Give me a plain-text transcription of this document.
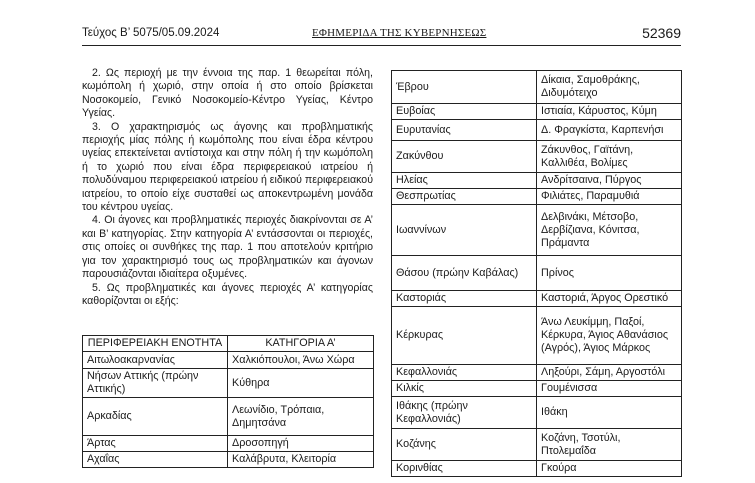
Τεύχος Β’ 5075/05.09.2024	ΕΦΗΜΕΡΙΔΑ ΤΗΣ ΚΥΒΕΡΝΗΣΕΩΣ	52369

2. Ως περιοχή με την έννοια της παρ. 1 θεωρείται πόλη, κωμόπολη ή χωριό, στην οποία ή στο οποίο βρίσκεται Νοσοκομείο, Γενικό Νοσοκομείο-Κέντρο Υγείας, Κέντρο Υγείας.

3. Ο χαρακτηρισμός ως άγονης και προβληματικής περιοχής μίας πόλης ή κωμόπολης που είναι έδρα κέντρου υγείας επεκτείνεται αντίστοιχα και στην πόλη ή την κωμόπολη ή το χωριό που είναι έδρα περιφερειακού ιατρείου ή πολυδύναμου περιφερειακού ιατρείου ή ειδικού περιφερειακού ιατρείου, το οποίο είχε συσταθεί ως αποκεντρωμένη μονάδα του κέντρου υγείας.

4. Οι άγονες και προβληματικές περιοχές διακρίνονται σε Α’ και Β’ κατηγορίας. Στην κατηγορία Α’ εντάσσονται οι περιοχές, στις οποίες οι συνθήκες της παρ. 1 που αποτελούν κριτήριο για τον χαρακτηρισμό τους ως προβληματικών και άγονων παρουσιάζονται ιδιαίτερα οξυμένες.

5. Ως προβληματικές και άγονες περιοχές Α’ κατηγορίας καθορίζονται οι εξής:

ΠΕΡΙΦΕΡΕΙΑΚΗ ΕΝΟΤΗΤΑ	ΚΑΤΗΓΟΡΙΑ Α’
Αιτωλοακαρνανίας	Χαλκιόπουλοι, Άνω Χώρα
Νήσων Αττικής (πρώην Αττικής)	Κύθηρα
Αρκαδίας	Λεωνίδιο, Τρόπαια, Δημητσάνα
Άρτας	Δροσοπηγή
Αχαΐας	Καλάβρυτα, Κλειτορία
Έβρου	Δίκαια, Σαμοθράκης, Διδυμότειχο
Ευβοίας	Ιστιαία, Κάρυστος, Κύμη
Ευρυτανίας	Δ. Φραγκίστα, Καρπενήσι
Ζακύνθου	Ζάκυνθος, Γαϊτάνη, Καλλιθέα, Βολίμες
Ηλείας	Ανδρίτσαινα, Πύργος
Θεσπρωτίας	Φιλιάτες, Παραμυθιά
Ιωαννίνων	Δελβινάκι, Μέτσοβο, Δερβίζιανα, Κόνιτσα, Πράμαντα
Θάσου (πρώην Καβάλας)	Πρίνος
Καστοριάς	Καστοριά, Άργος Ορεστικό
Κέρκυρας	Άνω Λευκίμμη, Παξοί, Κέρκυρα, Άγιος Αθανάσιος (Αγρός), Άγιος Μάρκος
Κεφαλλονιάς	Ληξούρι, Σάμη, Αργοστόλι
Κιλκίς	Γουμένισσα
Ιθάκης (πρώην Κεφαλλονιάς)	Ιθάκη
Κοζάνης	Κοζάνη, Τσοτύλι, Πτολεμαΐδα
Κορινθίας	Γκούρα
